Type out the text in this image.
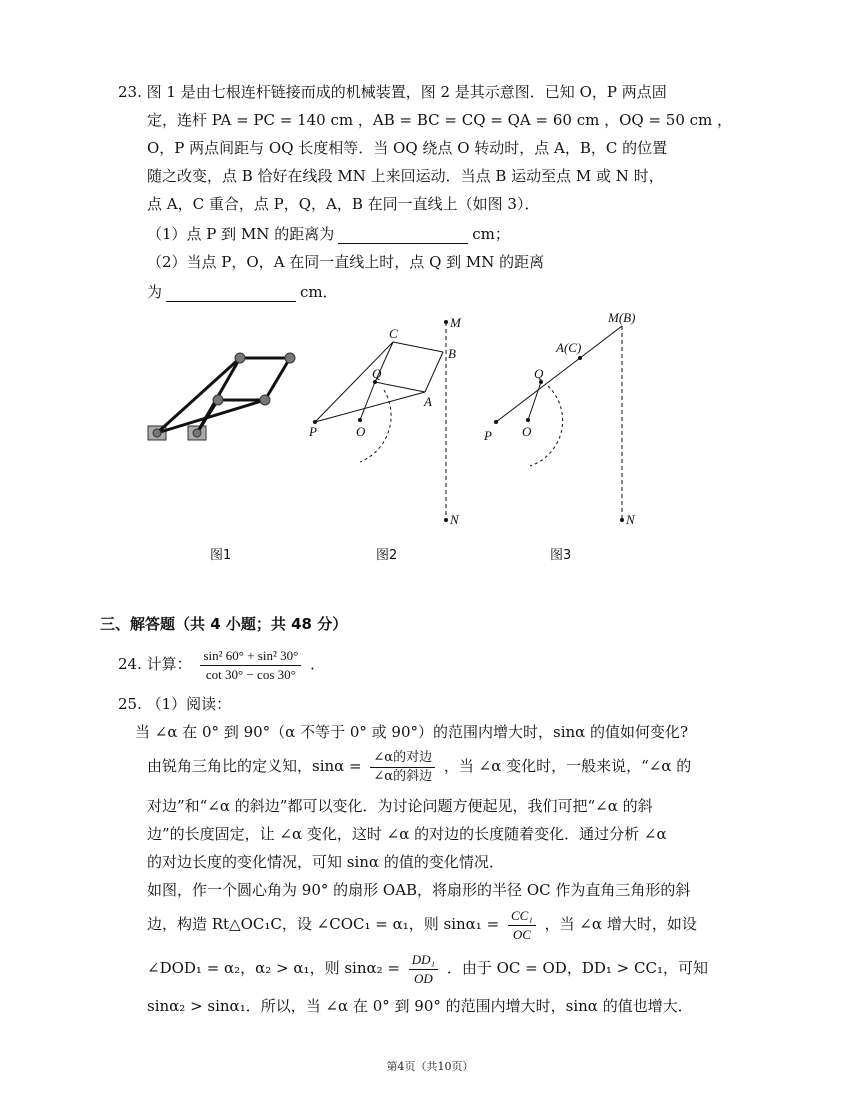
23. 图 1 是由七根连杆链接而成的机械装置，图 2 是其示意图．已知 O，P 两点固
定，连杆 PA = PC = 140 cm ，AB = BC = CQ = QA = 60 cm ，OQ = 50 cm ，
O，P 两点间距与 OQ 长度相等．当 OQ 绕点 O 转动时，点 A，B，C 的位置
随之改变，点 B 恰好在线段 MN 上来回运动．当点 B 运动至点 M 或 N 时，
点 A，C 重合，点 P，Q，A，B 在同一直线上（如图 3）．
（1）点 P 到 MN 的距离为	cm；
（2）当点 P，O，A 在同一直线上时，点 Q 到 MN 的距离
为	cm．
图1
C
B
M
Q
A
P	O
N
图2
M(B)
A(C)
Q
P O
N
图3
三、解答题（共 4 小题；共 48 分）
24. 计算： $\frac{\text{sin² 60° + sin² 30°}}{\cot 30^\circ - \cos 30^\circ}$ ．
25. （1）阅读：
当 ∠α 在 0° 到 90°（α 不等于 0° 或 90°）的范围内增大时，sinα 的值如何变化?
由锐角三角比的定义知，$\sin\alpha = \frac{\text{∠α的对边}}{\text{∠α的斜边}}$ ，当 ∠α 变化时，一般来说，“∠α 的
对边”和“∠α 的斜边”都可以变化．为讨论问题方便起见，我们可把“∠α 的斜
边”的长度固定，让 ∠α 变化，这时 ∠α 的对边的长度随着变化．通过分析 ∠α
的对边长度的变化情况，可知 sinα 的值的变化情况．
如图，作一个圆心角为 90° 的扇形 OAB，将扇形的半径 OC 作为直角三角形的斜
边，构造 Rt△OC₁C，设 ∠COC₁ = α₁，则 $\sin\alpha_1 = \frac{\text{CC₁}}{OC}$ ，当 ∠α 增大时，如设
∠DOD₁ = α₂，α₂ > α₁，则 $\sin\alpha_2 = \frac{\text{DD₁}}{OD}$ ．由于 OC = OD，DD₁ > CC₁，可知
sinα₂ > sinα₁．所以，当 ∠α 在 0° 到 90° 的范围内增大时，sinα 的值也增大．
第4页（共10页）
